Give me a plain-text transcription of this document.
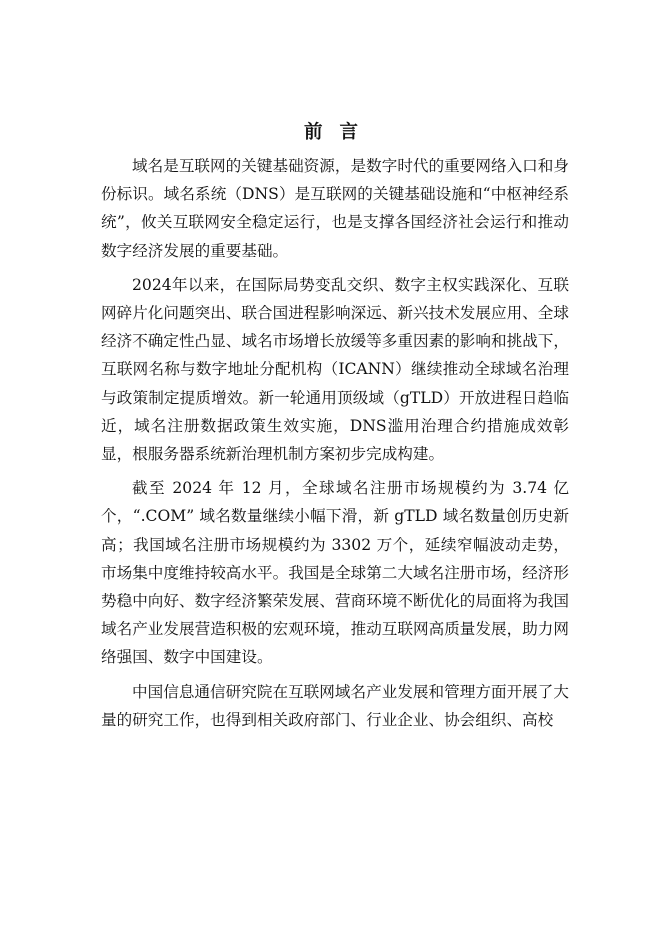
前言

域名是互联网的关键基础资源，是数字时代的重要网络入口和身份标识。域名系统（DNS）是互联网的关键基础设施和“中枢神经系统”，攸关互联网安全稳定运行，也是支撑各国经济社会运行和推动数字经济发展的重要基础。

2024年以来，在国际局势变乱交织、数字主权实践深化、互联网碎片化问题突出、联合国进程影响深远、新兴技术发展应用、全球经济不确定性凸显、域名市场增长放缓等多重因素的影响和挑战下，互联网名称与数字地址分配机构（ICANN）继续推动全球域名治理与政策制定提质增效。新一轮通用顶级域（gTLD）开放进程日趋临近，域名注册数据政策生效实施，DNS滥用治理合约措施成效彰显，根服务器系统新治理机制方案初步完成构建。

截至 2024 年 12 月，全球域名注册市场规模约为 3.74 亿个，“.COM” 域名数量继续小幅下滑，新 gTLD 域名数量创历史新高；我国域名注册市场规模约为 3302 万个，延续窄幅波动走势，市场集中度维持较高水平。我国是全球第二大域名注册市场，经济形势稳中向好、数字经济繁荣发展、营商环境不断优化的局面将为我国域名产业发展营造积极的宏观环境，推动互联网高质量发展，助力网络强国、数字中国建设。

中国信息通信研究院在互联网域名产业发展和管理方面开展了大量的研究工作，也得到相关政府部门、行业企业、协会组织、高校
